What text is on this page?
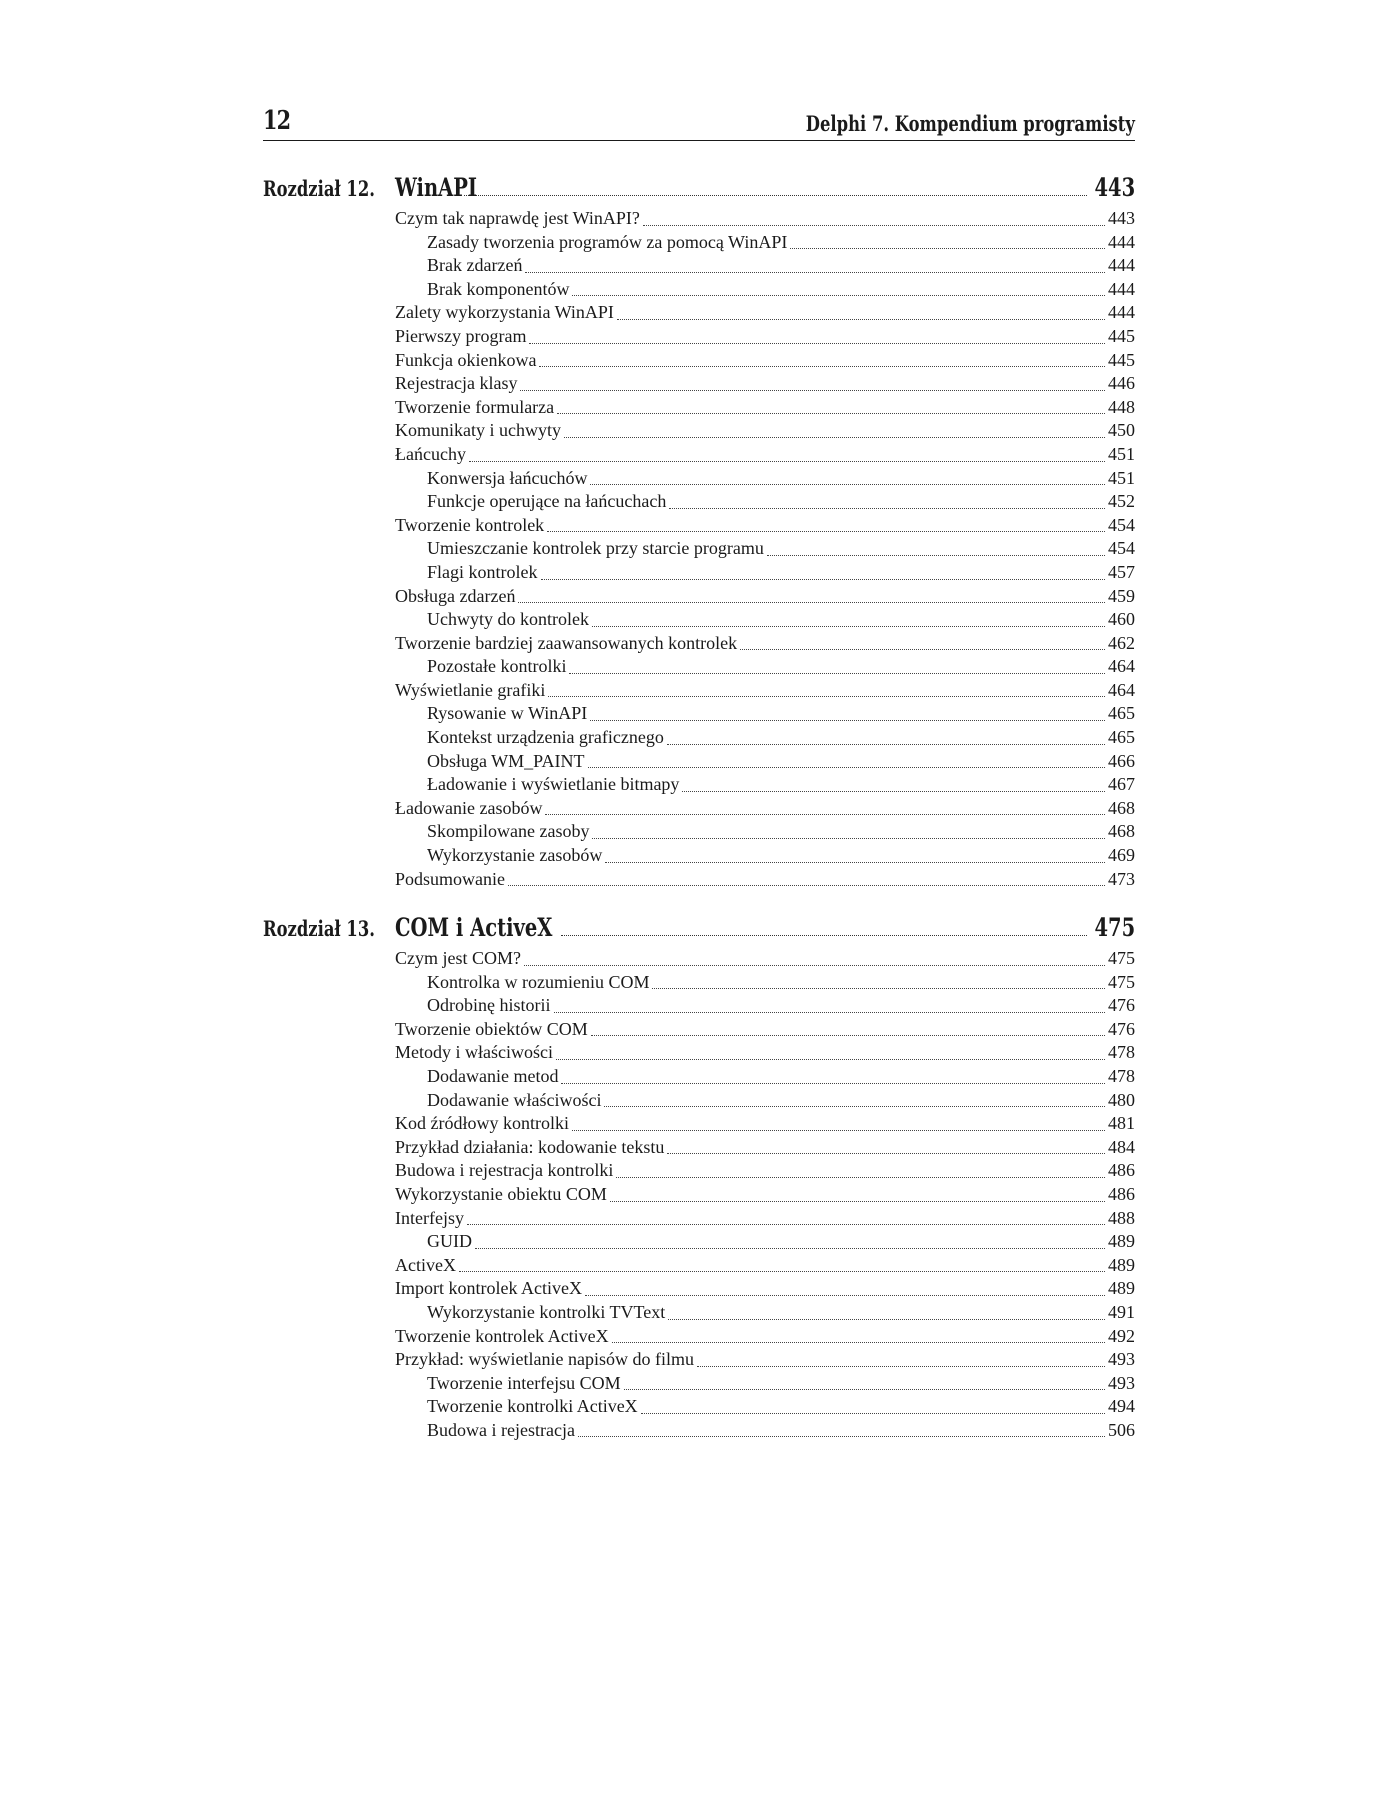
12	Delphi 7. Kompendium programisty
Rozdział 12. WinAPI	443
Czym tak naprawdę jest WinAPI?	443
Zasady tworzenia programów za pomocą WinAPI	444
Brak zdarzeń	444
Brak komponentów	444
Zalety wykorzystania WinAPI	444
Pierwszy program	445
Funkcja okienkowa	445
Rejestracja klasy	446
Tworzenie formularza	448
Komunikaty i uchwyty	450
Łańcuchy	451
Konwersja łańcuchów	451
Funkcje operujące na łańcuchach	452
Tworzenie kontrolek	454
Umieszczanie kontrolek przy starcie programu	454
Flagi kontrolek	457
Obsługa zdarzeń	459
Uchwyty do kontrolek	460
Tworzenie bardziej zaawansowanych kontrolek	462
Pozostałe kontrolki	464
Wyświetlanie grafiki	464
Rysowanie w WinAPI	465
Kontekst urządzenia graficznego	465
Obsługa WM_PAINT	466
Ładowanie i wyświetlanie bitmapy	467
Ładowanie zasobów	468
Skompilowane zasoby	468
Wykorzystanie zasobów	469
Podsumowanie	473
Rozdział 13. COM i ActiveX	475
Czym jest COM?	475
Kontrolka w rozumieniu COM	475
Odrobinę historii	476
Tworzenie obiektów COM	476
Metody i właściwości	478
Dodawanie metod	478
Dodawanie właściwości	480
Kod źródłowy kontrolki	481
Przykład działania: kodowanie tekstu	484
Budowa i rejestracja kontrolki	486
Wykorzystanie obiektu COM	486
Interfejsy	488
GUID	489
ActiveX	489
Import kontrolek ActiveX	489
Wykorzystanie kontrolki TVText	491
Tworzenie kontrolek ActiveX	492
Przykład: wyświetlanie napisów do filmu	493
Tworzenie interfejsu COM	493
Tworzenie kontrolki ActiveX	494
Budowa i rejestracja	506
